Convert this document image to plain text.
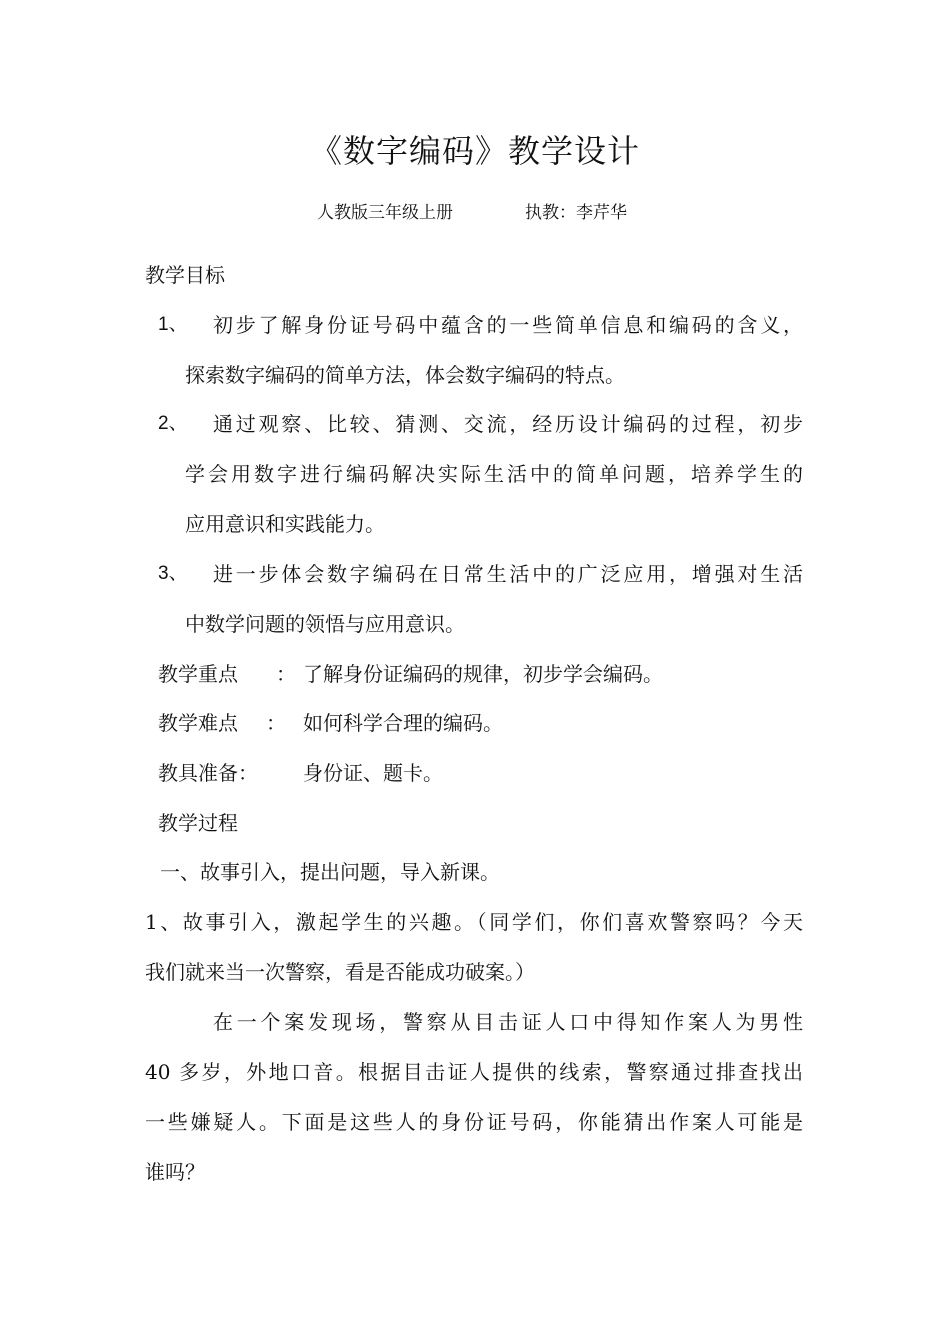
《数字编码》教学设计
人教版三年级上册	执教：李芹华
教学目标
1、 初步了解身份证号码中蕴含的一些简单信息和编码的含义，
探索数字编码的简单方法，体会数字编码的特点。
2、 通过观察、比较、猜测、交流，经历设计编码的过程，初步
学会用数字进行编码解决实际生活中的简单问题，培养学生的
应用意识和实践能力。
3、 进一步体会数字编码在日常生活中的广泛应用，增强对生活
中数学问题的领悟与应用意识。
教学重点 ： 了解身份证编码的规律，初步学会编码。
教学难点 ： 如何科学合理的编码。
教具准备： 身份证、题卡。
教学过程
一、故事引入，提出问题，导入新课。
1、故事引入，激起学生的兴趣。（同学们，你们喜欢警察吗？今天
我们就来当一次警察，看是否能成功破案。）
在一个案发现场，警察从目击证人口中得知作案人为男性
40 多岁，外地口音。根据目击证人提供的线索，警察通过排查找出
一些嫌疑人。下面是这些人的身份证号码，你能猜出作案人可能是
谁吗？
